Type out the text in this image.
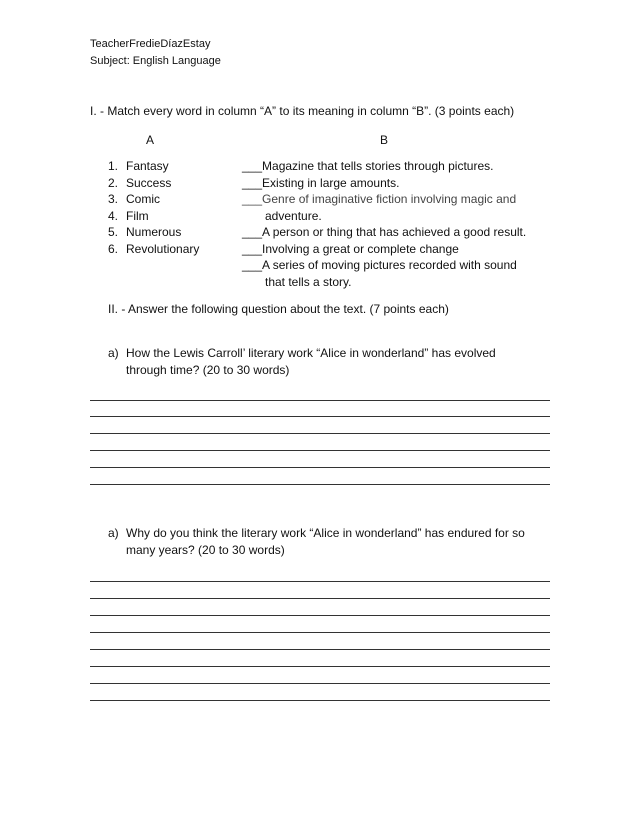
TeacherFredieDíazEstay
Subject: English Language
I. - Match every word in column “A” to its meaning in column “B”. (3 points each)
A	B
1. Fantasy
2. Success
3. Comic
4. Film
5. Numerous
6. Revolutionary
___Magazine that tells stories through pictures.
___Existing in large amounts.
___Genre of imaginative fiction involving magic and
adventure.
___A person or thing that has achieved a good result.
___Involving a great or complete change
___A series of moving pictures recorded with sound
that tells a story.
II. - Answer the following question about the text. (7 points each)
a) How the Lewis Carroll’ literary work “Alice in wonderland” has evolved
through time? (20 to 30 words)
a) Why do you think the literary work “Alice in wonderland” has endured for so
many years? (20 to 30 words)
